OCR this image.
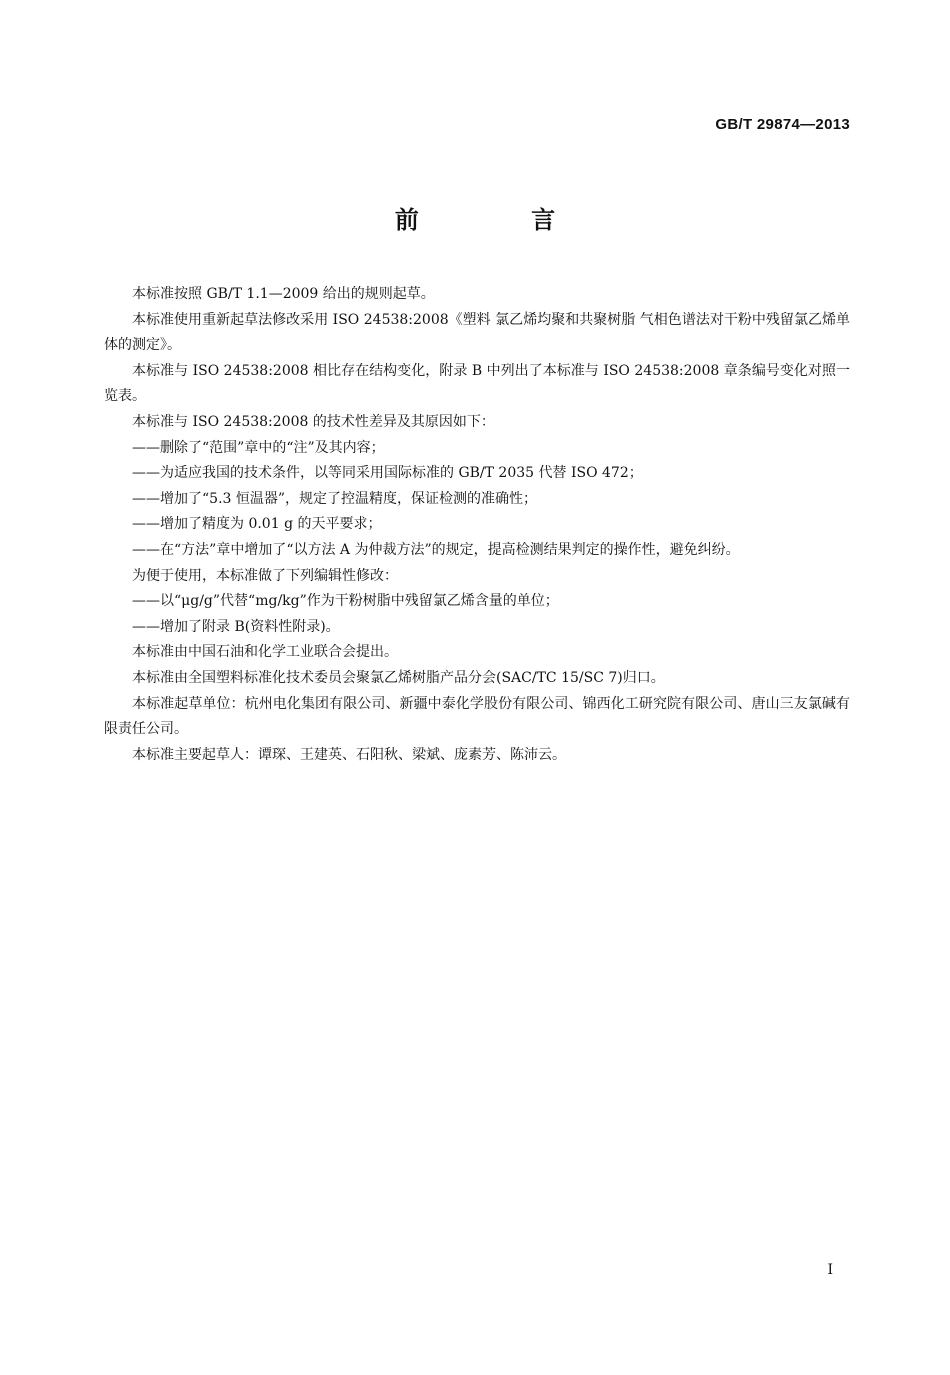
GB/T 29874—2013
前 言

本标准按照 GB/T 1.1—2009 给出的规则起草。

本标准使用重新起草法修改采用 ISO 24538:2008《塑料 氯乙烯均聚和共聚树脂 气相色谱法对干粉中残留氯乙烯单体的测定》。

本标准与 ISO 24538:2008 相比存在结构变化，附录 B 中列出了本标准与 ISO 24538:2008 章条编号变化对照一览表。

本标准与 ISO 24538:2008 的技术性差异及其原因如下：

——删除了“范围”章中的“注”及其内容；

——为适应我国的技术条件，以等同采用国际标准的 GB/T 2035 代替 ISO 472；

——增加了“5.3 恒温器”，规定了控温精度，保证检测的准确性；

——增加了精度为 0.01 g 的天平要求；

——在“方法”章中增加了“以方法 A 为仲裁方法”的规定，提高检测结果判定的操作性，避免纠纷。

为便于使用，本标准做了下列编辑性修改：

——以“μg/g”代替“mg/kg”作为干粉树脂中残留氯乙烯含量的单位；

——增加了附录 B(资料性附录)。

本标准由中国石油和化学工业联合会提出。

本标准由全国塑料标准化技术委员会聚氯乙烯树脂产品分会(SAC/TC 15/SC 7)归口。

本标准起草单位：杭州电化集团有限公司、新疆中泰化学股份有限公司、锦西化工研究院有限公司、唐山三友氯碱有限责任公司。

本标准主要起草人：谭琛、王建英、石阳秋、梁斌、庞素芳、陈沛云。

I
